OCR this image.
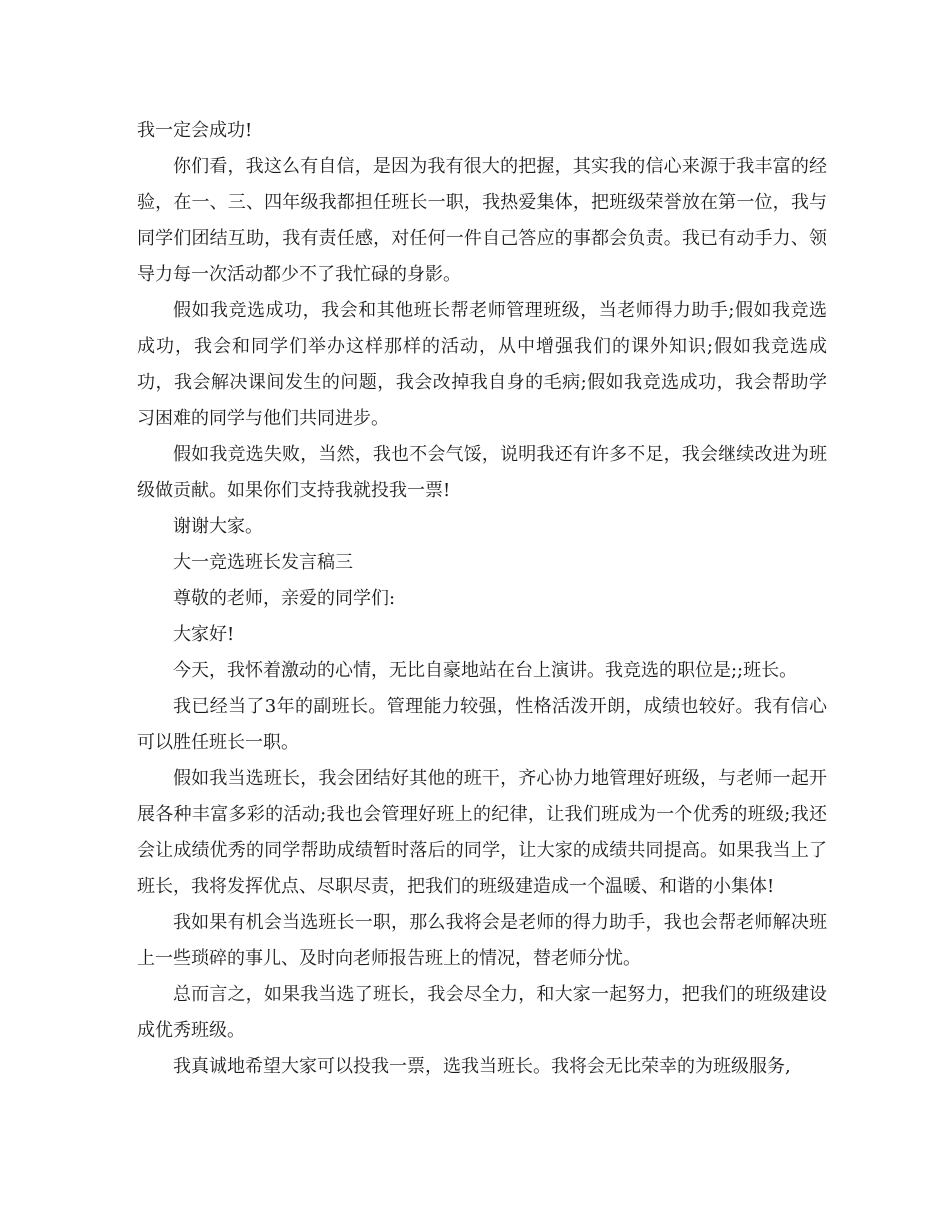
我一定会成功!

你们看，我这么有自信，是因为我有很大的把握，其实我的信心来源于我丰富的经验，在一、三、四年级我都担任班长一职，我热爱集体，把班级荣誉放在第一位，我与同学们团结互助，我有责任感，对任何一件自己答应的事都会负责。我已有动手力、领导力每一次活动都少不了我忙碌的身影。

假如我竞选成功，我会和其他班长帮老师管理班级，当老师得力助手;假如我竞选成功，我会和同学们举办这样那样的活动，从中增强我们的课外知识;假如我竞选成功，我会解决课间发生的问题，我会改掉我自身的毛病;假如我竞选成功，我会帮助学习困难的同学与他们共同进步。

假如我竞选失败，当然，我也不会气馁，说明我还有许多不足，我会继续改进为班级做贡献。如果你们支持我就投我一票!

谢谢大家。

大一竞选班长发言稿三

尊敬的老师，亲爱的同学们:

大家好!

今天，我怀着激动的心情，无比自豪地站在台上演讲。我竞选的职位是;;班长。

我已经当了3年的副班长。管理能力较强，性格活泼开朗，成绩也较好。我有信心可以胜任班长一职。

假如我当选班长，我会团结好其他的班干，齐心协力地管理好班级，与老师一起开展各种丰富多彩的活动;我也会管理好班上的纪律，让我们班成为一个优秀的班级;我还会让成绩优秀的同学帮助成绩暂时落后的同学，让大家的成绩共同提高。如果我当上了班长，我将发挥优点、尽职尽责，把我们的班级建造成一个温暖、和谐的小集体!

我如果有机会当选班长一职，那么我将会是老师的得力助手，我也会帮老师解决班上一些琐碎的事儿、及时向老师报告班上的情况，替老师分忧。

总而言之，如果我当选了班长，我会尽全力，和大家一起努力，把我们的班级建设成优秀班级。

我真诚地希望大家可以投我一票，选我当班长。我将会无比荣幸的为班级服务,
